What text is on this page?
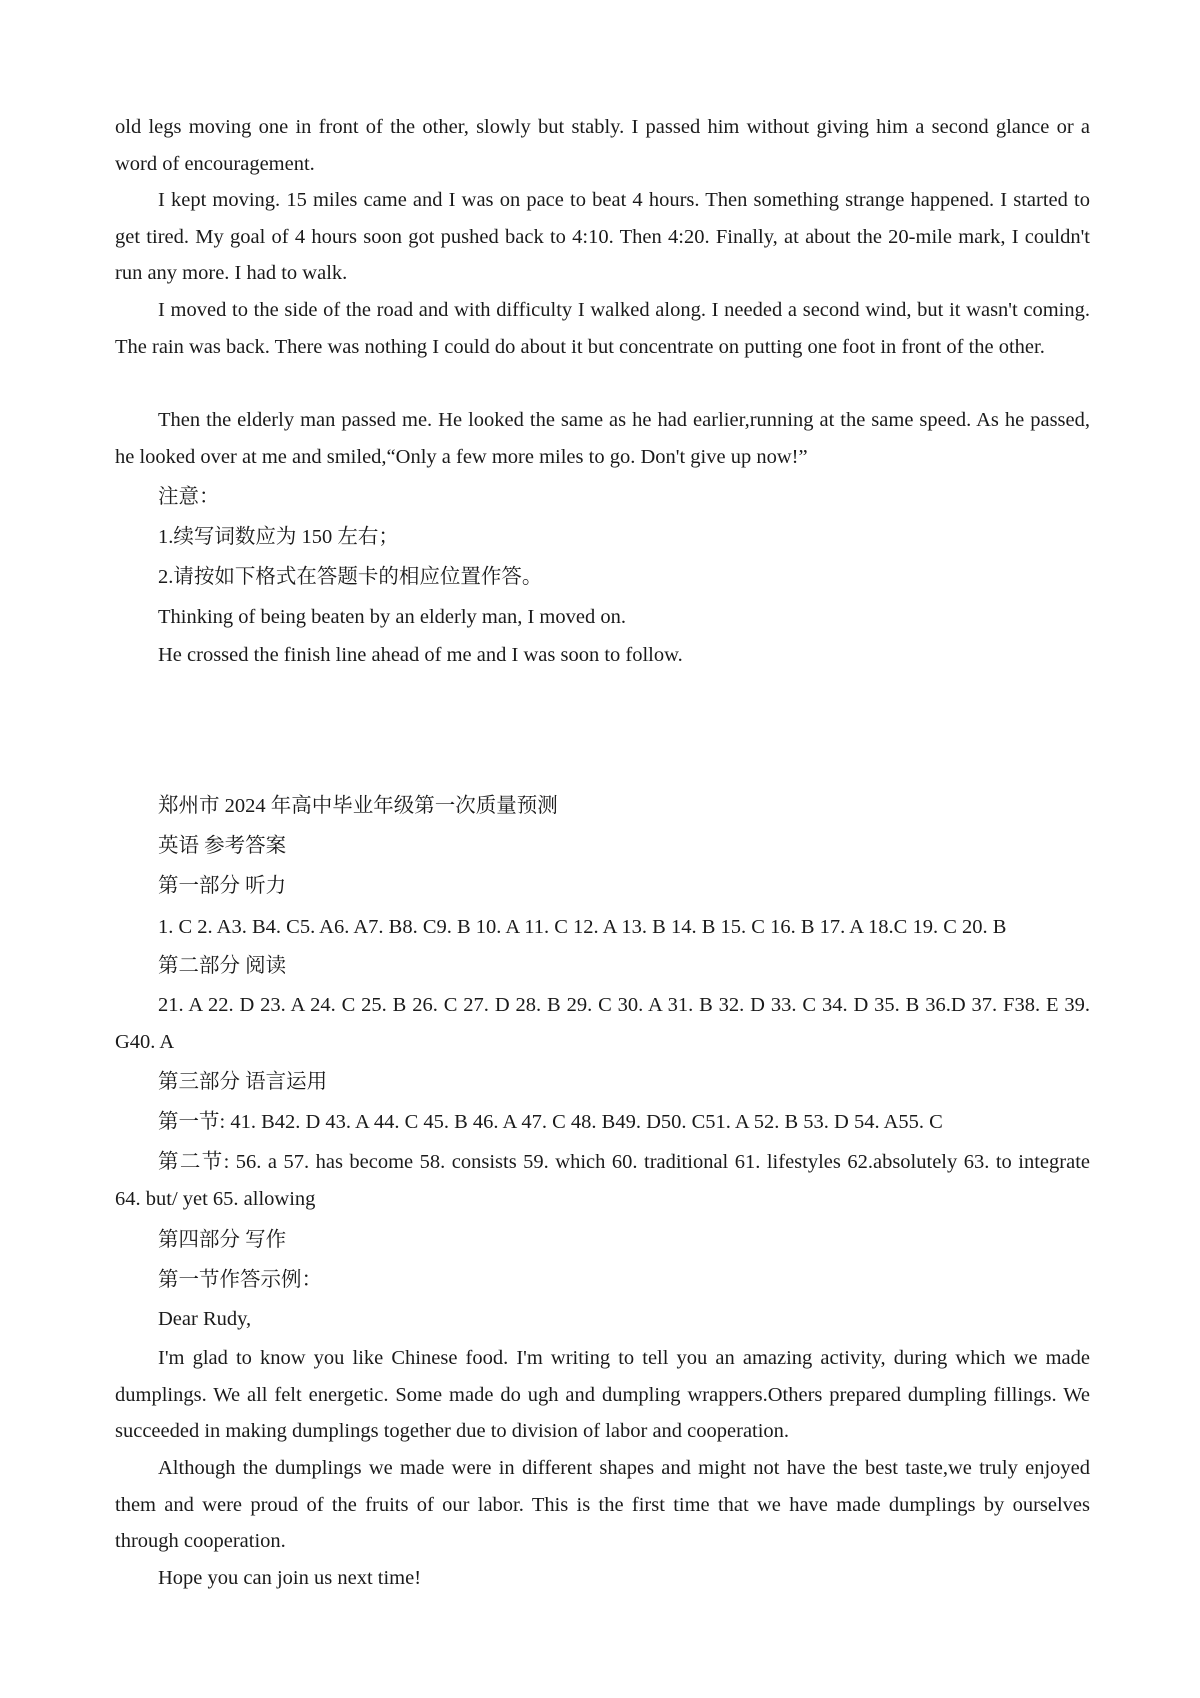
old legs moving one in front of the other, slowly but stably. I passed him without giving him a second glance or a word of encouragement.

I kept moving. 15 miles came and I was on pace to beat 4 hours. Then something strange happened. I started to get tired. My goal of 4 hours soon got pushed back to 4:10. Then 4:20. Finally, at about the 20-mile mark, I couldn't run any more. I had to walk.

I moved to the side of the road and with difficulty I walked along. I needed a second wind, but it wasn't coming. The rain was back. There was nothing I could do about it but concentrate on putting one foot in front of the other.

Then the elderly man passed me. He looked the same as he had earlier,running at the same speed. As he passed, he looked over at me and smiled,“Only a few more miles to go. Don't give up now!”

注意：

1.续写词数应为 150 左右；

2.请按如下格式在答题卡的相应位置作答。

Thinking of being beaten by an elderly man, I moved on.

He crossed the finish line ahead of me and I was soon to follow.

郑州市 2024 年高中毕业年级第一次质量预测

英语 参考答案

第一部分 听力

1. C 2. A3. B4. C5. A6. A7. B8. C9. B 10. A 11. C 12. A 13. B 14. B 15. C 16. B 17. A 18.C 19. C 20. B

第二部分 阅读

21. A 22. D 23. A 24. C 25. B 26. C 27. D 28. B 29. C 30. A 31. B 32. D 33. C 34. D 35. B 36.D 37. F38. E 39. G40. A

第三部分 语言运用

第一节: 41. B42. D 43. A 44. C 45. B 46. A 47. C 48. B49. D50. C51. A 52. B 53. D 54. A55. C

第二节: 56. a 57. has become 58. consists 59. which 60. traditional 61. lifestyles 62.absolutely 63. to integrate 64. but/ yet 65. allowing

第四部分 写作

第一节作答示例：

Dear Rudy,

I'm glad to know you like Chinese food. I'm writing to tell you an amazing activity, during which we made dumplings. We all felt energetic. Some made do ugh and dumpling wrappers.Others prepared dumpling fillings. We succeeded in making dumplings together due to division of labor and cooperation.

Although the dumplings we made were in different shapes and might not have the best taste,we truly enjoyed them and were proud of the fruits of our labor. This is the first time that we have made dumplings by ourselves through cooperation.

Hope you can join us next time!
